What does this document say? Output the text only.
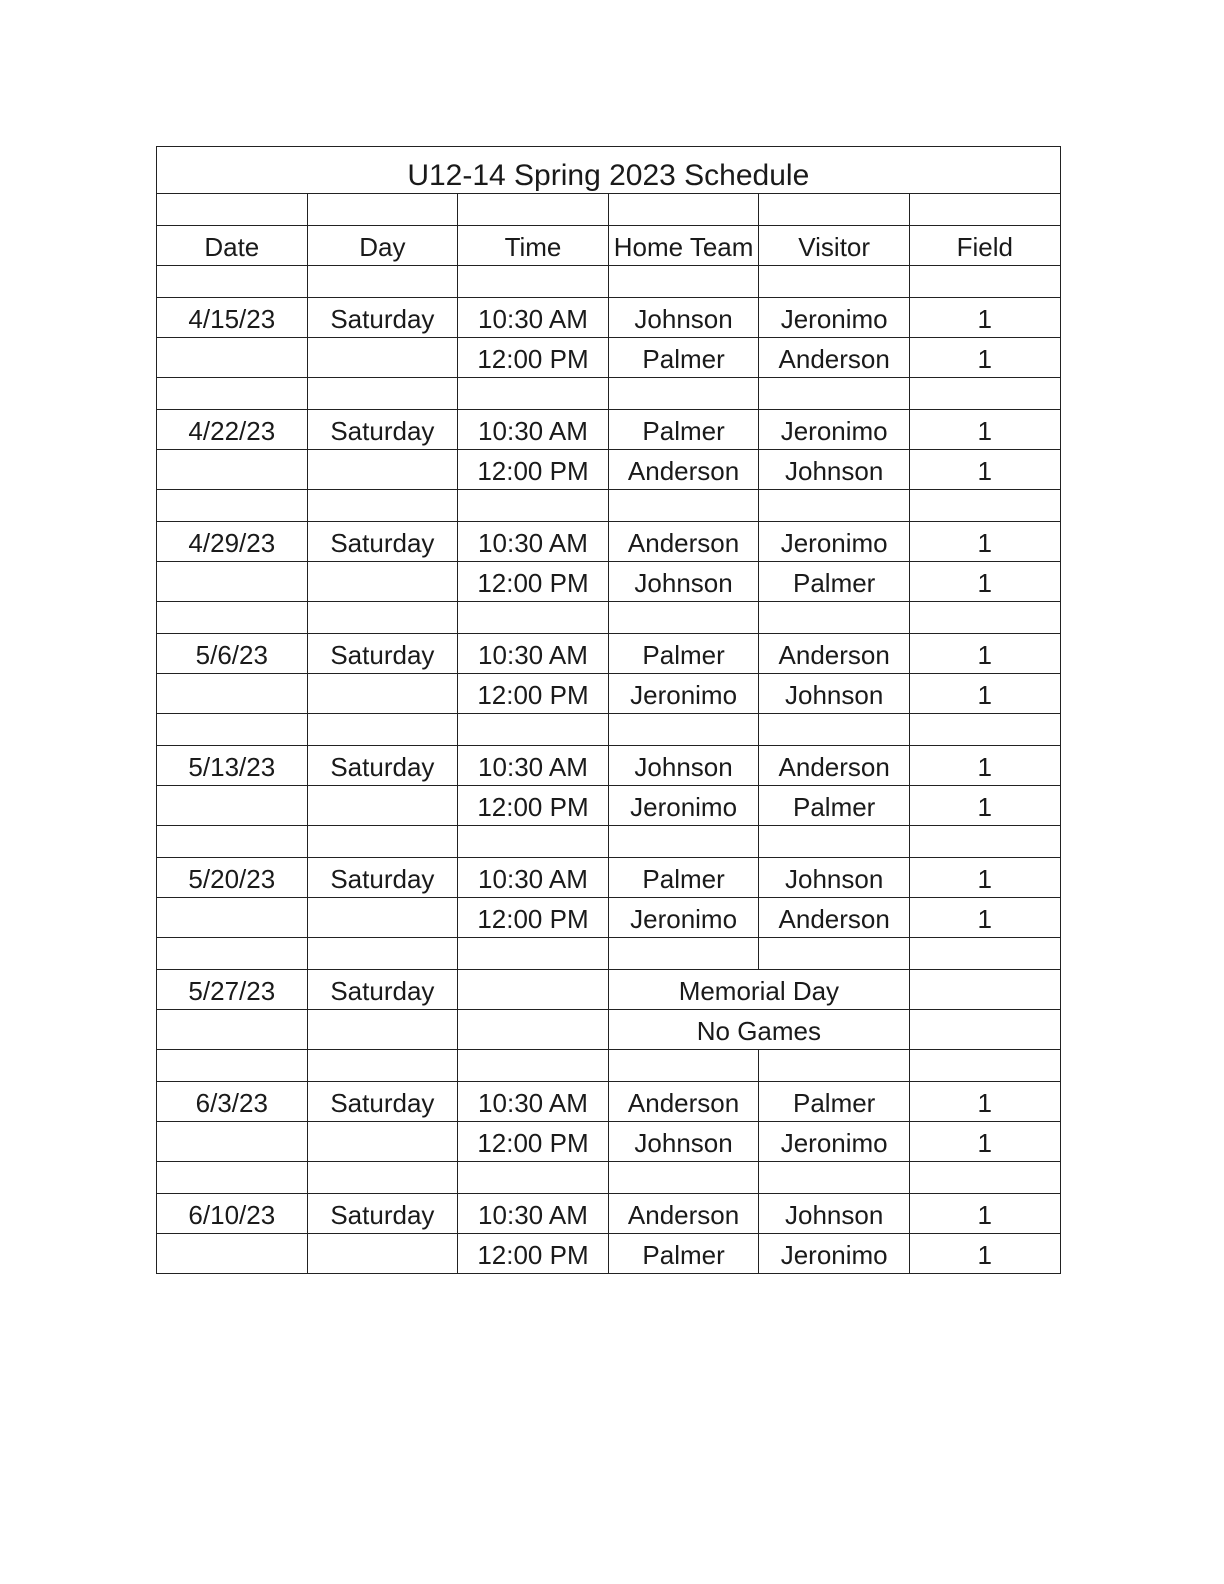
U12-14 Spring 2023 Schedule					

Date	Day	Time	Home Team	Visitor	Field

4/15/23	Saturday	10:30 AM	Johnson	Jeronimo	1
		12:00 PM	Palmer	Anderson	1

4/22/23	Saturday	10:30 AM	Palmer	Jeronimo	1
		12:00 PM	Anderson	Johnson	1

4/29/23	Saturday	10:30 AM	Anderson	Jeronimo	1
		12:00 PM	Johnson	Palmer	1

5/6/23	Saturday	10:30 AM	Palmer	Anderson	1
		12:00 PM	Jeronimo	Johnson	1

5/13/23	Saturday	10:30 AM	Johnson	Anderson	1
		12:00 PM	Jeronimo	Palmer	1

5/20/23	Saturday	10:30 AM	Palmer	Johnson	1
		12:00 PM	Jeronimo	Anderson	1

5/27/23	Saturday		Memorial Day		
			No Games		

6/3/23	Saturday	10:30 AM	Anderson	Palmer	1
		12:00 PM	Johnson	Jeronimo	1

6/10/23	Saturday	10:30 AM	Anderson	Johnson	1
		12:00 PM	Palmer	Jeronimo	1
